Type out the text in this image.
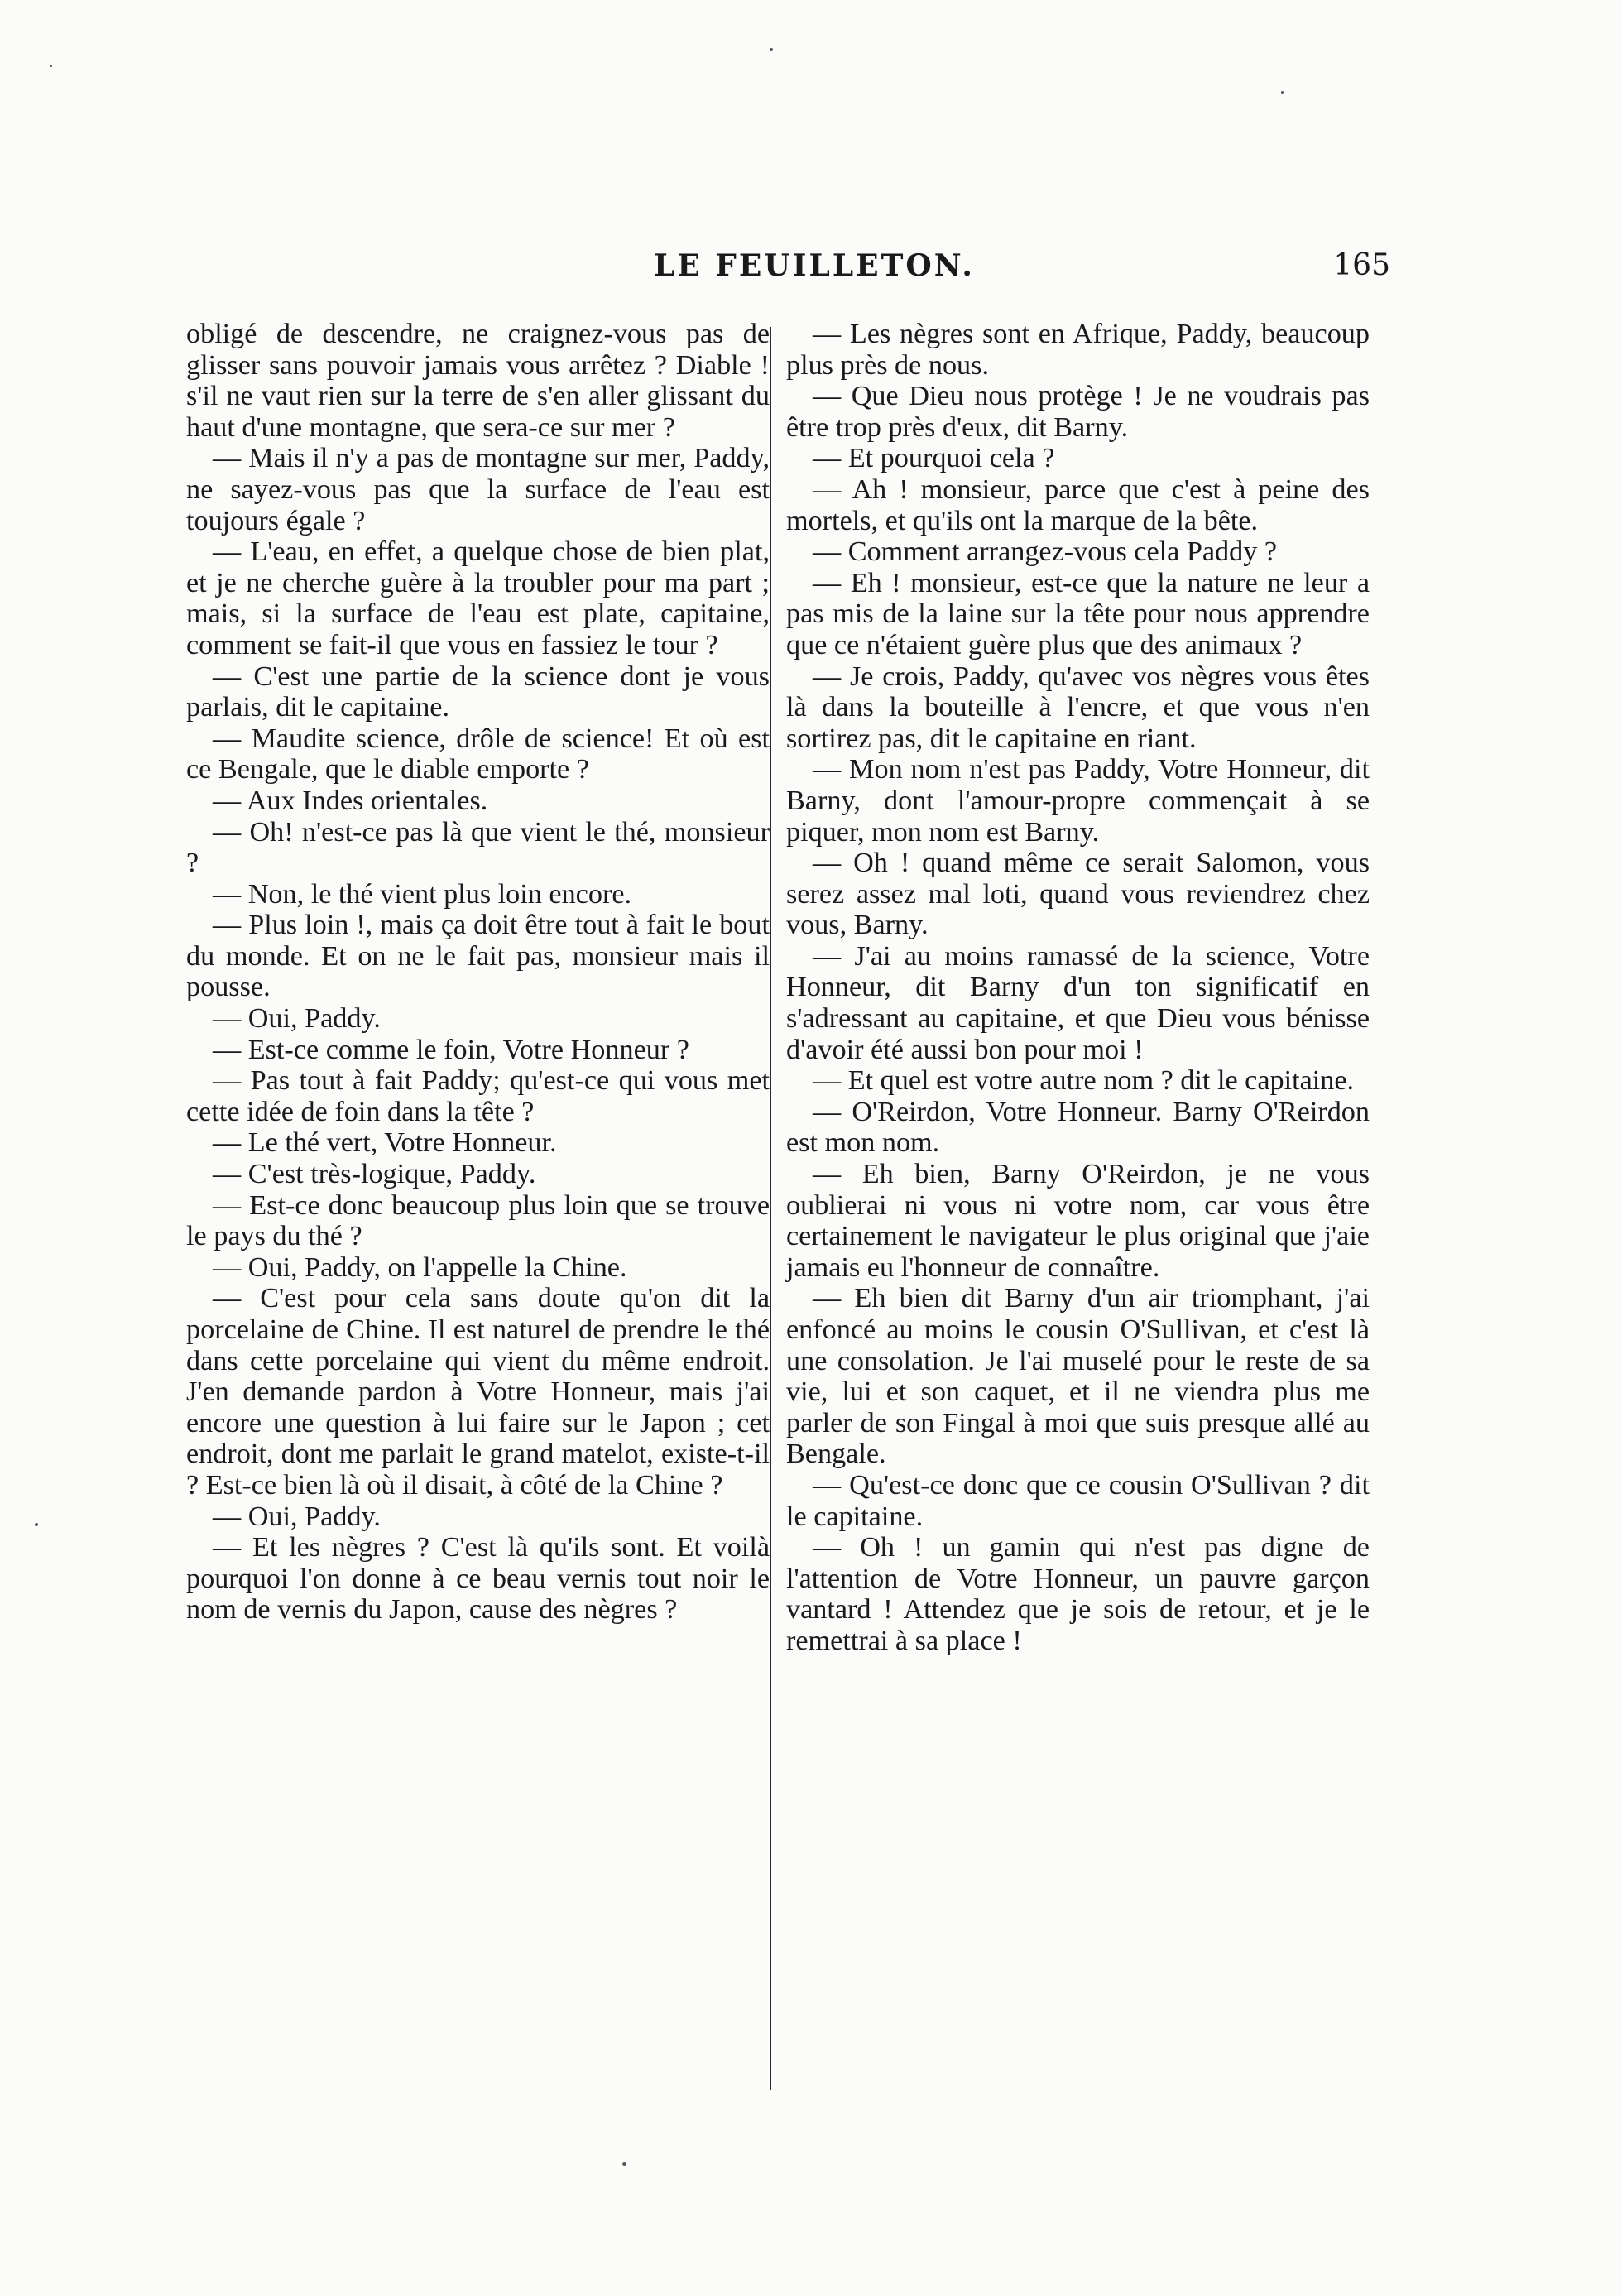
LE FEUILLETON.	165

obligé de descendre, ne craignez-vous pas de glisser sans pouvoir jamais vous arrêtez ? Diable ! s'il ne vaut rien sur la terre de s'en aller glissant du haut d'une montagne, que sera-ce sur mer ?

— Mais il n'y a pas de montagne sur mer, Paddy, ne sayez-vous pas que la surface de l'eau est toujours égale ?

— L'eau, en effet, a quelque chose de bien plat, et je ne cherche guère à la troubler pour ma part ; mais, si la surface de l'eau est plate, capitaine, comment se fait-il que vous en fassiez le tour ?

— C'est une partie de la science dont je vous parlais, dit le capitaine.

— Maudite science, drôle de science! Et où est ce Bengale, que le diable emporte ?

— Aux Indes orientales.

— Oh! n'est-ce pas là que vient le thé, monsieur ?

— Non, le thé vient plus loin encore.

— Plus loin !, mais ça doit être tout à fait le bout du monde. Et on ne le fait pas, monsieur mais il pousse.

— Oui, Paddy.

— Est-ce comme le foin, Votre Honneur ?

— Pas tout à fait Paddy; qu'est-ce qui vous met cette idée de foin dans la tête ?

— Le thé vert, Votre Honneur.

— C'est très-logique, Paddy.

— Est-ce donc beaucoup plus loin que se trouve le pays du thé ?

— Oui, Paddy, on l'appelle la Chine.

— C'est pour cela sans doute qu'on dit la porcelaine de Chine. Il est naturel de prendre le thé dans cette porcelaine qui vient du même endroit. J'en demande pardon à Votre Honneur, mais j'ai encore une question à lui faire sur le Japon ; cet endroit, dont me parlait le grand matelot, existe-t-il ? Est-ce bien là où il disait, à côté de la Chine ?

— Oui, Paddy.

— Et les nègres ? C'est là qu'ils sont. Et voilà pourquoi l'on donne à ce beau vernis tout noir le nom de vernis du Japon, cause des nègres ?

— Les nègres sont en Afrique, Paddy, beaucoup plus près de nous.

— Que Dieu nous protège ! Je ne voudrais pas être trop près d'eux, dit Barny.

— Et pourquoi cela ?

— Ah ! monsieur, parce que c'est à peine des mortels, et qu'ils ont la marque de la bête.

— Comment arrangez-vous cela Paddy ?

— Eh ! monsieur, est-ce que la nature ne leur a pas mis de la laine sur la tête pour nous apprendre que ce n'étaient guère plus que des animaux ?

— Je crois, Paddy, qu'avec vos nègres vous êtes là dans la bouteille à l'encre, et que vous n'en sortirez pas, dit le capitaine en riant.

— Mon nom n'est pas Paddy, Votre Honneur, dit Barny, dont l'amour-propre commençait à se piquer, mon nom est Barny.

— Oh ! quand même ce serait Salomon, vous serez assez mal loti, quand vous reviendrez chez vous, Barny.

— J'ai au moins ramassé de la science, Votre Honneur, dit Barny d'un ton significatif en s'adressant au capitaine, et que Dieu vous bénisse d'avoir été aussi bon pour moi !

— Et quel est votre autre nom ? dit le capitaine.

— O'Reirdon, Votre Honneur. Barny O'Reirdon est mon nom.

— Eh bien, Barny O'Reirdon, je ne vous oublierai ni vous ni votre nom, car vous être certainement le navigateur le plus original que j'aie jamais eu l'honneur de connaître.

— Eh bien dit Barny d'un air triomphant, j'ai enfoncé au moins le cousin O'Sullivan, et c'est là une consolation. Je l'ai muselé pour le reste de sa vie, lui et son caquet, et il ne viendra plus me parler de son Fingal à moi que suis presque allé au Bengale.

— Qu'est-ce donc que ce cousin O'Sullivan ? dit le capitaine.

— Oh ! un gamin qui n'est pas digne de l'attention de Votre Honneur, un pauvre garçon vantard ! Attendez que je sois de retour, et je le remettrai à sa place !
